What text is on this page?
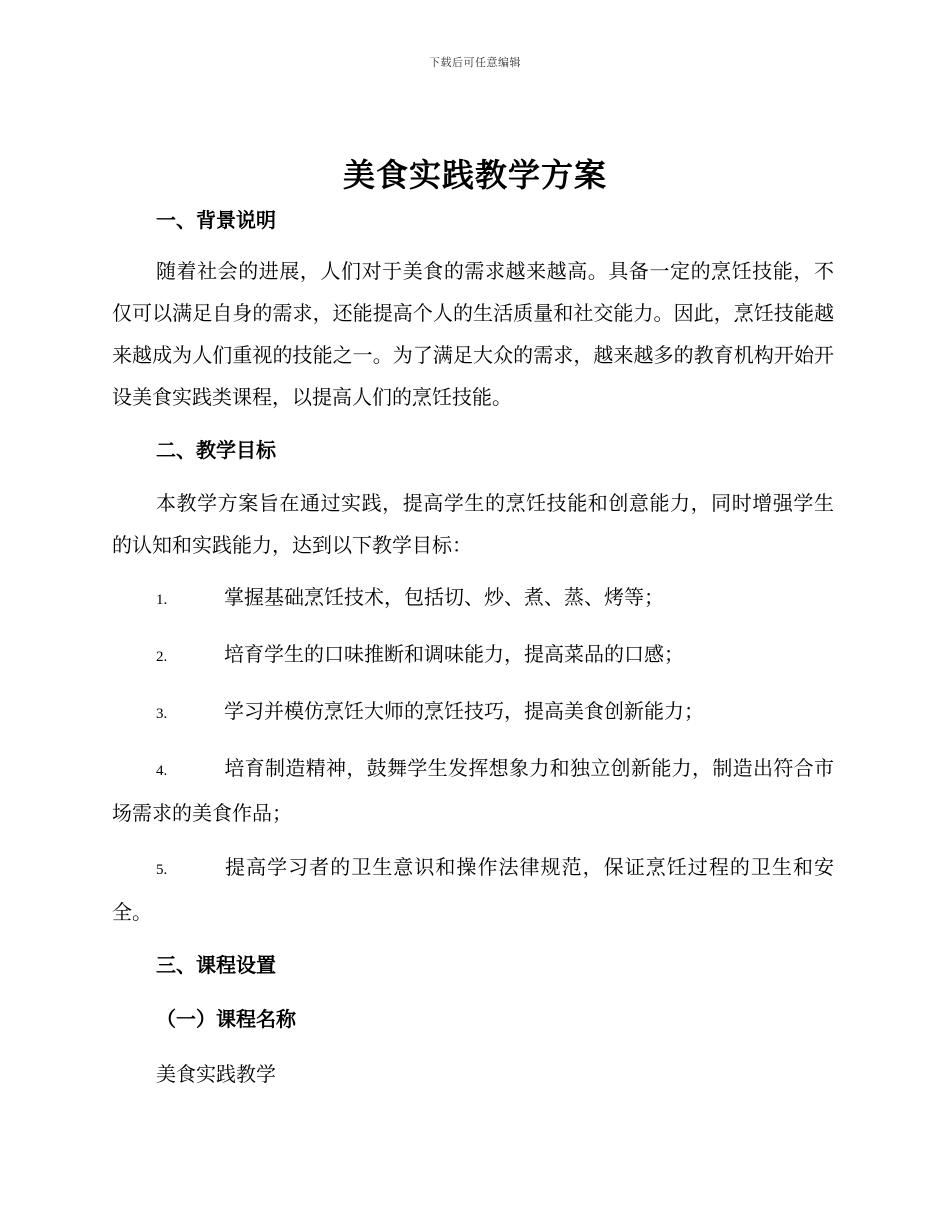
下载后可任意编辑
美食实践教学方案
一、背景说明

随着社会的进展，人们对于美食的需求越来越高。具备一定的烹饪技能，不仅可以满足自身的需求，还能提高个人的生活质量和社交能力。因此，烹饪技能越来越成为人们重视的技能之一。为了满足大众的需求，越来越多的教育机构开始开设美食实践类课程，以提高人们的烹饪技能。

二、教学目标

本教学方案旨在通过实践，提高学生的烹饪技能和创意能力，同时增强学生的认知和实践能力，达到以下教学目标：

1.	掌握基础烹饪技术，包括切、炒、煮、蒸、烤等；
2.	培育学生的口味推断和调味能力，提高菜品的口感；
3.	学习并模仿烹饪大师的烹饪技巧，提高美食创新能力；
4.	培育制造精神，鼓舞学生发挥想象力和独立创新能力，制造出符合市场需求的美食作品；
5.	提高学习者的卫生意识和操作法律规范，保证烹饪过程的卫生和安全。
三、课程设置
（一）课程名称

美食实践教学
